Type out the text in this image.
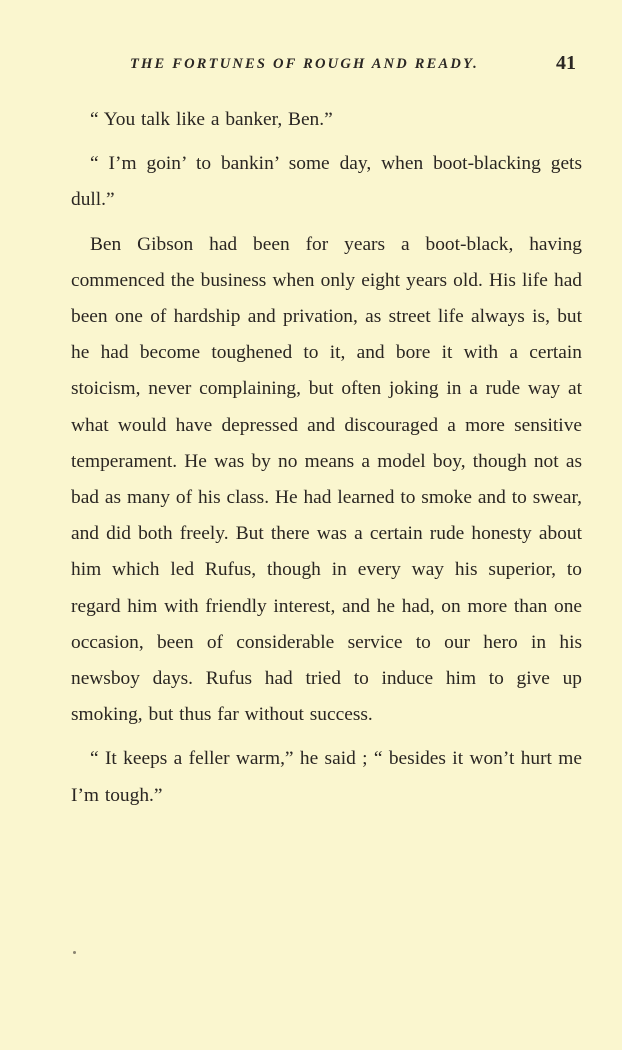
THE FORTUNES OF ROUGH AND READY.	41

“ You talk like a banker, Ben.”

“ I’m goin’ to bankin’ some day, when boot-blacking gets dull.”

Ben Gibson had been for years a boot-black, having commenced the business when only eight years old. His life had been one of hardship and privation, as street life always is, but he had become toughened to it, and bore it with a certain stoicism, never complaining, but often joking in a rude way at what would have depressed and discouraged a more sensitive temperament. He was by no means a model boy, though not as bad as many of his class. He had learned to smoke and to swear, and did both freely. But there was a certain rude honesty about him which led Rufus, though in every way his superior, to regard him with friendly interest, and he had, on more than one occasion, been of considerable service to our hero in his newsboy days. Rufus had tried to induce him to give up smoking, but thus far without success.

“ It keeps a feller warm,” he said ; “ besides it won’t hurt me I’m tough.”
